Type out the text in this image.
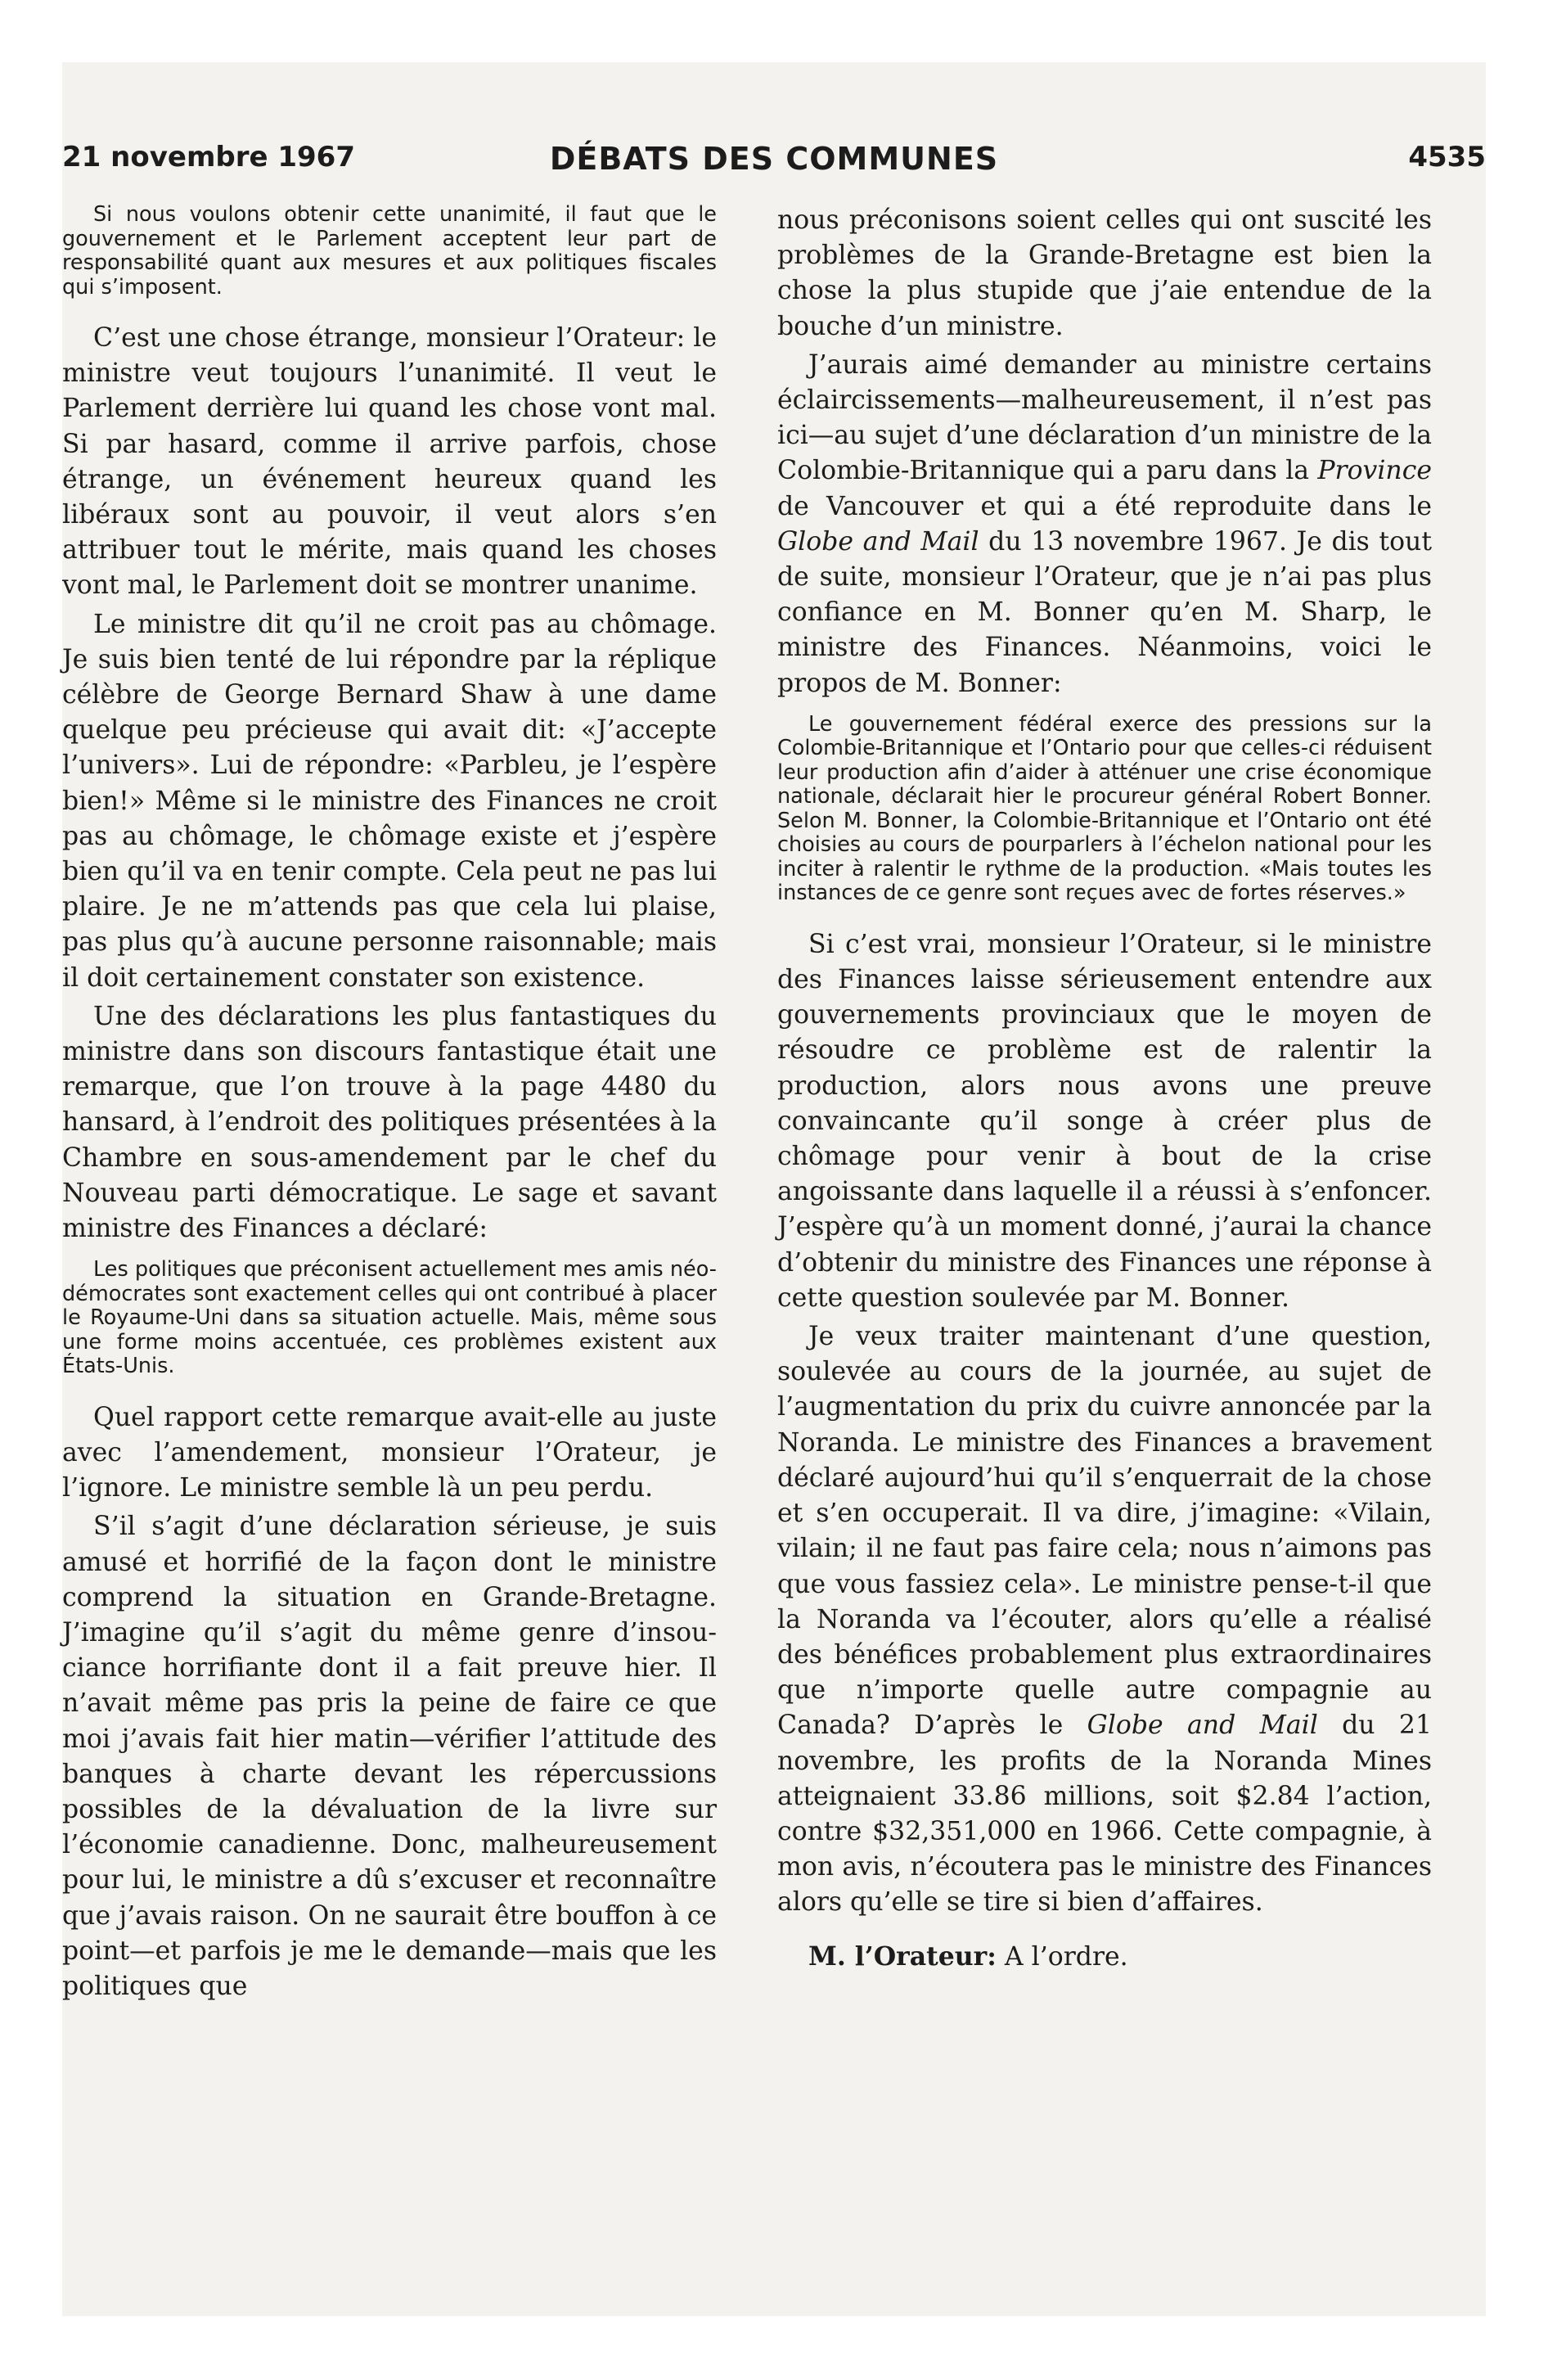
21 novembre 1967	DÉBATS DES COMMUNES	4535

Si nous voulons obtenir cette unanimité, il faut que le gouvernement et le Parlement acceptent leur part de responsabilité quant aux mesures et aux politiques fiscales qui s’imposent.

C’est une chose étrange, monsieur l’Orateur: le ministre veut toujours l’unanimité. Il veut le Parlement derrière lui quand les chose vont mal. Si par hasard, comme il arrive parfois, chose étrange, un événement heureux quand les libéraux sont au pouvoir, il veut alors s’en attribuer tout le mérite, mais quand les choses vont mal, le Parlement doit se montrer unanime.

Le ministre dit qu’il ne croit pas au chômage. Je suis bien tenté de lui répondre par la réplique célèbre de George Bernard Shaw à une dame quelque peu précieuse qui avait dit: «J’accepte l’univers». Lui de répondre: «Parbleu, je l’espère bien!» Même si le ministre des Finances ne croit pas au chômage, le chômage existe et j’espère bien qu’il va en tenir compte. Cela peut ne pas lui plaire. Je ne m’attends pas que cela lui plaise, pas plus qu’à aucune personne raisonnable; mais il doit certainement constater son existence.

Une des déclarations les plus fantastiques du ministre dans son discours fantastique était une remarque, que l’on trouve à la page 4480 du hansard, à l’endroit des politiques présentées à la Chambre en sous-amendement par le chef du Nouveau parti démocratique. Le sage et savant ministre des Finances a déclaré:

Les politiques que préconisent actuellement mes amis néo-démocrates sont exactement celles qui ont contribué à placer le Royaume-Uni dans sa situation actuelle. Mais, même sous une forme moins accentuée, ces problèmes existent aux États-Unis.

Quel rapport cette remarque avait-elle au juste avec l’amendement, monsieur l’Orateur, je l’ignore. Le ministre semble là un peu perdu.

S’il s’agit d’une déclaration sérieuse, je suis amusé et horrifié de la façon dont le ministre comprend la situation en Grande-Bretagne. J’imagine qu’il s’agit du même genre d’insouciance horrifiante dont il a fait preuve hier. Il n’avait même pas pris la peine de faire ce que moi j’avais fait hier matin—vérifier l’attitude des banques à charte devant les répercussions possibles de la dévaluation de la livre sur l’économie canadienne. Donc, malheureusement pour lui, le ministre a dû s’excuser et reconnaître que j’avais raison. On ne saurait être bouffon à ce point—et parfois je me le demande—mais que les politiques que

nous préconisons soient celles qui ont suscité les problèmes de la Grande-Bretagne est bien la chose la plus stupide que j’aie entendue de la bouche d’un ministre.

J’aurais aimé demander au ministre certains éclaircissements—malheureusement, il n’est pas ici—au sujet d’une déclaration d’un ministre de la Colombie-Britannique qui a paru dans la Province de Vancouver et qui a été reproduite dans le Globe and Mail du 13 novembre 1967. Je dis tout de suite, monsieur l’Orateur, que je n’ai pas plus confiance en M. Bonner qu’en M. Sharp, le ministre des Finances. Néanmoins, voici le propos de M. Bonner:

Le gouvernement fédéral exerce des pressions sur la Colombie-Britannique et l’Ontario pour que celles-ci réduisent leur production afin d’aider à atténuer une crise économique nationale, déclarait hier le procureur général Robert Bonner. Selon M. Bonner, la Colombie-Britannique et l’Ontario ont été choisies au cours de pourparlers à l’échelon national pour les inciter à ralentir le rythme de la production. «Mais toutes les instances de ce genre sont reçues avec de fortes réserves.»

Si c’est vrai, monsieur l’Orateur, si le ministre des Finances laisse sérieusement entendre aux gouvernements provinciaux que le moyen de résoudre ce problème est de ralentir la production, alors nous avons une preuve convaincante qu’il songe à créer plus de chômage pour venir à bout de la crise angoissante dans laquelle il a réussi à s’enfoncer. J’espère qu’à un moment donné, j’aurai la chance d’obtenir du ministre des Finances une réponse à cette question soulevée par M. Bonner.

Je veux traiter maintenant d’une question, soulevée au cours de la journée, au sujet de l’augmentation du prix du cuivre annoncée par la Noranda. Le ministre des Finances a bravement déclaré aujourd’hui qu’il s’enquerrait de la chose et s’en occuperait. Il va dire, j’imagine: «Vilain, vilain; il ne faut pas faire cela; nous n’aimons pas que vous fassiez cela». Le ministre pense-t-il que la Noranda va l’écouter, alors qu’elle a réalisé des bénéfices probablement plus extraordinaires que n’importe quelle autre compagnie au Canada? D’après le Globe and Mail du 21 novembre, les profits de la Noranda Mines atteignaient 33.86 millions, soit $2.84 l’action, contre $32,351,000 en 1966. Cette compagnie, à mon avis, n’écoutera pas le ministre des Finances alors qu’elle se tire si bien d’affaires.

M. l’Orateur: A l’ordre.
